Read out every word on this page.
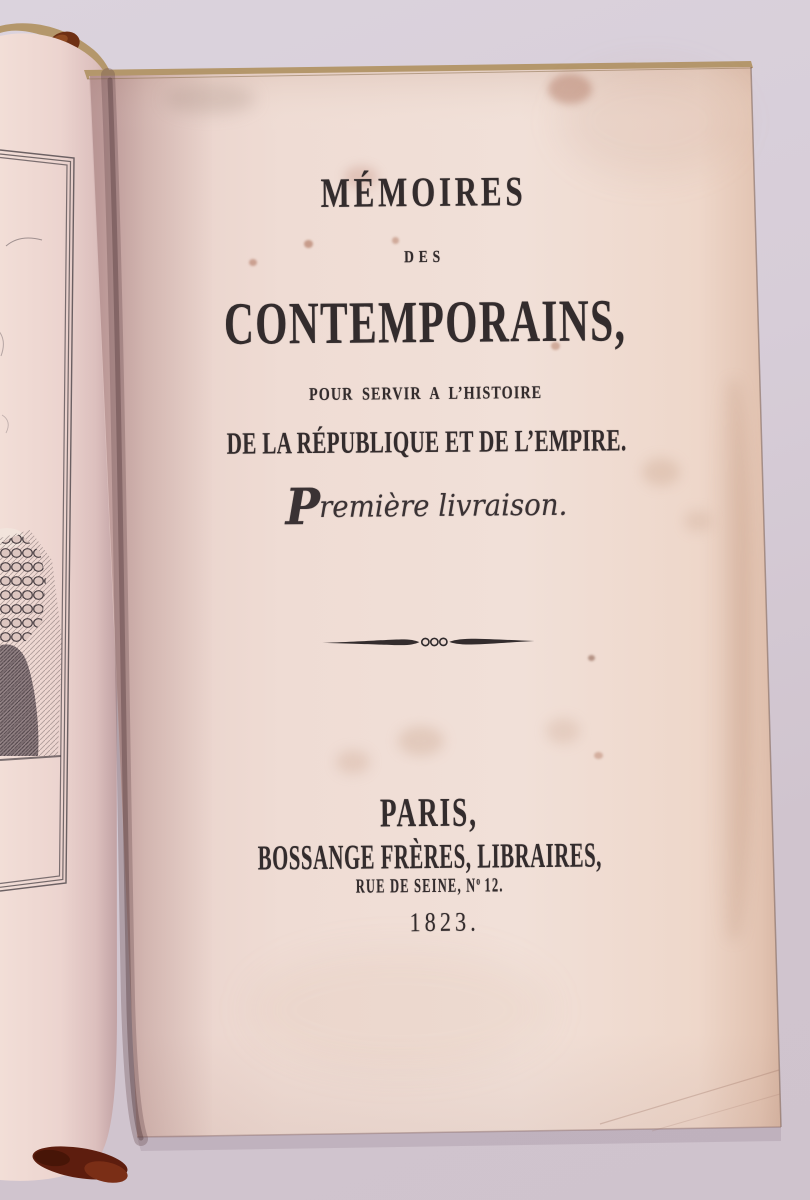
MÉMOIRES
DES
CONTEMPORAINS,
POUR SERVIR A L’HISTOIRE
DE LA RÉPUBLIQUE ET DE L’EMPIRE.
Première livraison.
PARIS,
BOSSANGE FRÈRES, LIBRAIRES,
RUE DE SEINE, $N^o$ 12.
1823.
